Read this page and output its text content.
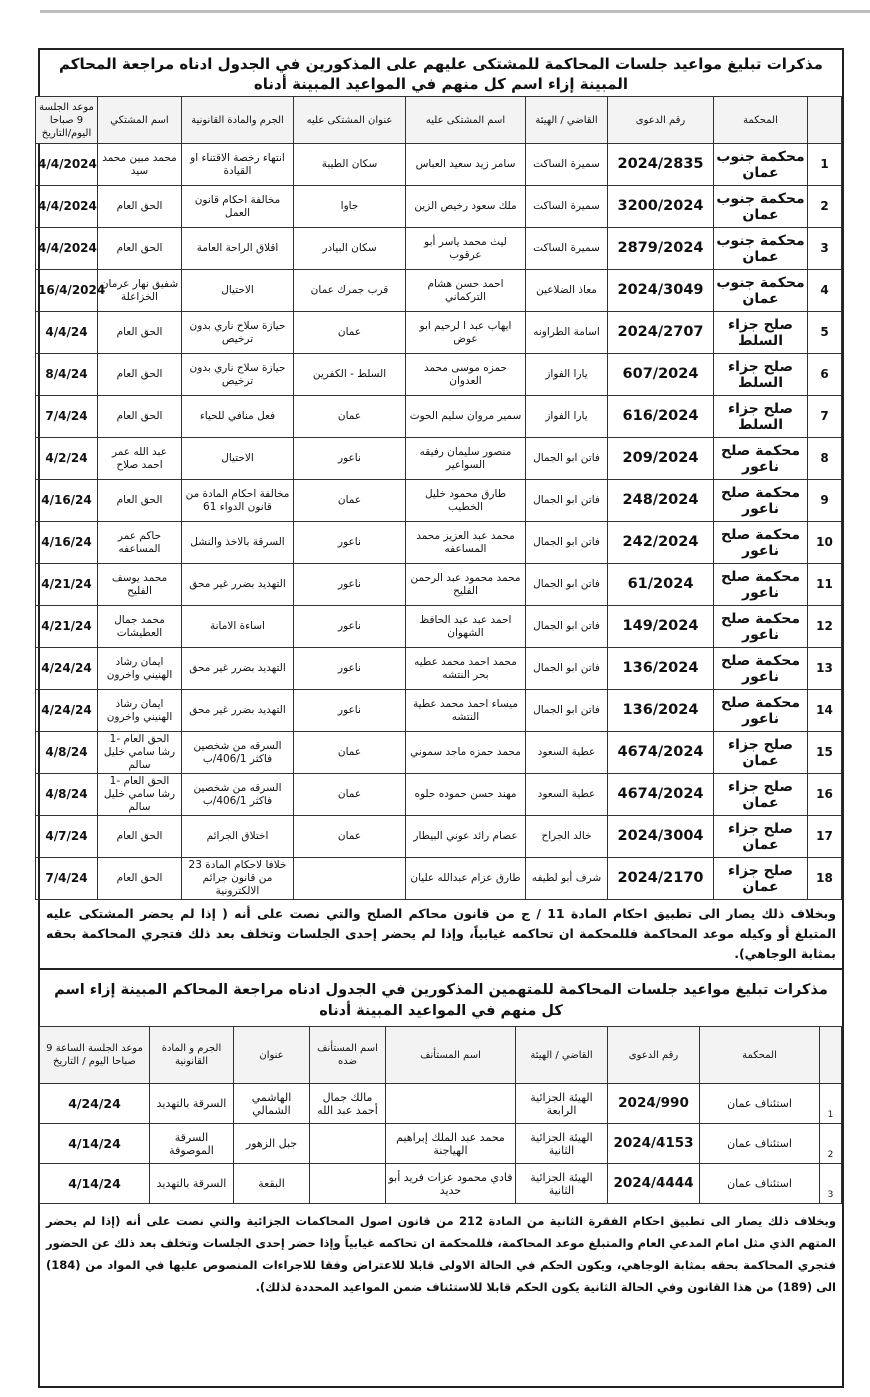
مذكرات تبليغ مواعيد جلسات المحاكمة للمشتكى عليهم على المذكورين في الجدول ادناه مراجعة المحاكم المبينة إزاء اسم كل منهم في المواعيد المبينة أدناه
	المحكمة	رقم الدعوى	القاضي / الهيئة	اسم المشتكى عليه	عنوان المشتكى عليه	الجرم والمادة القانونية	اسم المشتكي	موعد الجلسة 9 صباحا اليوم/التاريخ
1	محكمة جنوب عمان	2024/2835	سميرة الساكت	سامر زيد سعيد العباس	سكان الطيبة	انتهاء رخصة الاقتناء او القيادة	محمد مبين محمد سيد	4/4/2024
2	محكمة جنوب عمان	3200/2024	سميرة الساكت	ملك سعود رخيص الزين	جاوا	مخالفة احكام قانون العمل	الحق العام	4/4/2024
3	محكمة جنوب عمان	2879/2024	سميرة الساكت	ليث محمد ياسر أبو عرقوب	سكان البيادر	اقلاق الراحة العامة	الحق العام	4/4/2024
4	محكمة جنوب عمان	2024/3049	معاذ الضلاعين	احمد حسن هشام التركماني	قرب جمرك عمان	الاحتيال	شفيق نهار عرمان الخزاعلة	16/4/2024
5	صلح جزاء السلط	2024/2707	اسامة الطراونه	ايهاب عبد ا لرحيم ابو عوض	عمان	حيازة سلاح ناري بدون ترخيص	الحق العام	4/4/24
6	صلح جزاء السلط	607/2024	يارا الفواز	حمزه موسى محمد العدوان	السلط - الكفرين	حيازة سلاح ناري بدون ترخيص	الحق العام	8/4/24
7	صلح جزاء السلط	616/2024	يارا الفواز	سمير مروان سليم الحوت	عمان	فعل منافي للحياء	الحق العام	7/4/24
8	محكمة صلح ناعور	209/2024	فاتن ابو الجمال	منصور سليمان رفيقه السواعير	ناعور	الاحتيال	عبد الله عمر احمد صلاح	4/2/24
9	محكمة صلح ناعور	248/2024	فاتن ابو الجمال	طارق محمود خليل الخطيب	عمان	مخالفة احكام المادة من قانون الدواء 61	الحق العام	4/16/24
10	محكمة صلح ناعور	242/2024	فاتن ابو الجمال	محمد عبد العزيز محمد المساعفه	ناعور	السرقة بالاخذ والنشل	حاكم عمر المساعفه	4/16/24
11	محكمة صلح ناعور	61/2024	فاتن ابو الجمال	محمد محمود عبد الرحمن الفليح	ناعور	التهديد بضرر غير محق	محمد يوسف الفليح	4/21/24
12	محكمة صلح ناعور	149/2024	فاتن ابو الجمال	احمد عبد عبد الحافظ الشهوان	ناعور	اساءة الامانة	محمد جمال العطيشات	4/21/24
13	محكمة صلح ناعور	136/2024	فاتن ابو الجمال	محمد احمد محمد عطيه بحر النتشه	ناعور	التهديد بضرر غير محق	ايمان رشاد الهنيني واخرون	4/24/24
14	محكمة صلح ناعور	136/2024	فاتن ابو الجمال	ميساء احمد محمد عطية النتشه	ناعور	التهديد بضرر غير محق	ايمان رشاد الهنيني واخرون	4/24/24
15	صلح جزاء عمان	4674/2024	عطية السعود	محمد حمزه ماجد سموني	عمان	السرقه من شخصين فاكثر 406/1/ب	الحق العام -1 رشا سامي خليل سالم	4/8/24
16	صلح جزاء عمان	4674/2024	عطية السعود	مهند حسن حموده حلوه	عمان	السرقه من شخصين فاكثر 406/1/ب	الحق العام -1 رشا سامي خليل سالم	4/8/24
17	صلح جزاء عمان	2024/3004	خالد الجراح	عصام رائد عوني البيطار	عمان	اختلاق الجرائم	الحق العام	4/7/24
18	صلح جزاء عمان	2024/2170	شرف أبو لطيفه	طارق عزام عبدالله عليان		خلافا لاحكام المادة 23 من قانون جرائم الالكترونية	الحق العام	7/4/24
وبخلاف ذلك يصار الى تطبيق احكام المادة 11 / ج من قانون محاكم الصلح والتي نصت على أنه ( إذا لم يحضر المشتكى عليه المتبلغ أو وكيله موعد المحاكمة فللمحكمة ان تحاكمه غيابياً، وإذا لم يحضر إحدى الجلسات وتخلف بعد ذلك فتجري المحاكمة بحقه بمثابة الوجاهي).
مذكرات تبليغ مواعيد جلسات المحاكمة للمتهمين المذكورين في الجدول ادناه مراجعة المحاكم المبينة إزاء اسم كل منهم في المواعيد المبينة أدناه
	المحكمة	رقم الدعوى	القاضي / الهيئة	اسم المستأنف	اسم المستأنف ضده	عنوان	الجرم و المادة القانونية	موعد الجلسة الساعة 9 صباحا اليوم / التاريخ
1	استئناف عمان	2024/990	الهيئة الجزائية الرابعة		مالك جمال أحمد عبد الله	الهاشمي الشمالي	السرقة بالتهديد	4/24/24
2	استئناف عمان	2024/4153	الهيئة الجزائية الثانية	محمد عبد الملك إبراهيم الهياجنة		جبل الزهور	السرقة الموصوفة	4/14/24
3	استئناف عمان	2024/4444	الهيئة الجزائية الثانية	فادي محمود عزات فريد أبو حديد		البقعة	السرقة بالتهديد	4/14/24
وبخلاف ذلك يصار الى تطبيق احكام الفقرة الثانية من المادة 212 من قانون اصول المحاكمات الجزائية والتي نصت على أنه (إذا لم يحضر المتهم الذي مثل امام المدعي العام والمتبلغ موعد المحاكمة، فللمحكمة ان تحاكمه غيابياً وإذا حضر إحدى الجلسات وتخلف بعد ذلك عن الحضور فتجري المحاكمة بحقه بمثابة الوجاهي، ويكون الحكم في الحالة الاولى قابلا للاعتراض وفقا للاجراءات المنصوص عليها في المواد من (184) الى (189) من هذا القانون وفي الحالة الثانية يكون الحكم قابلا للاستئناف ضمن المواعيد المحددة لذلك).
